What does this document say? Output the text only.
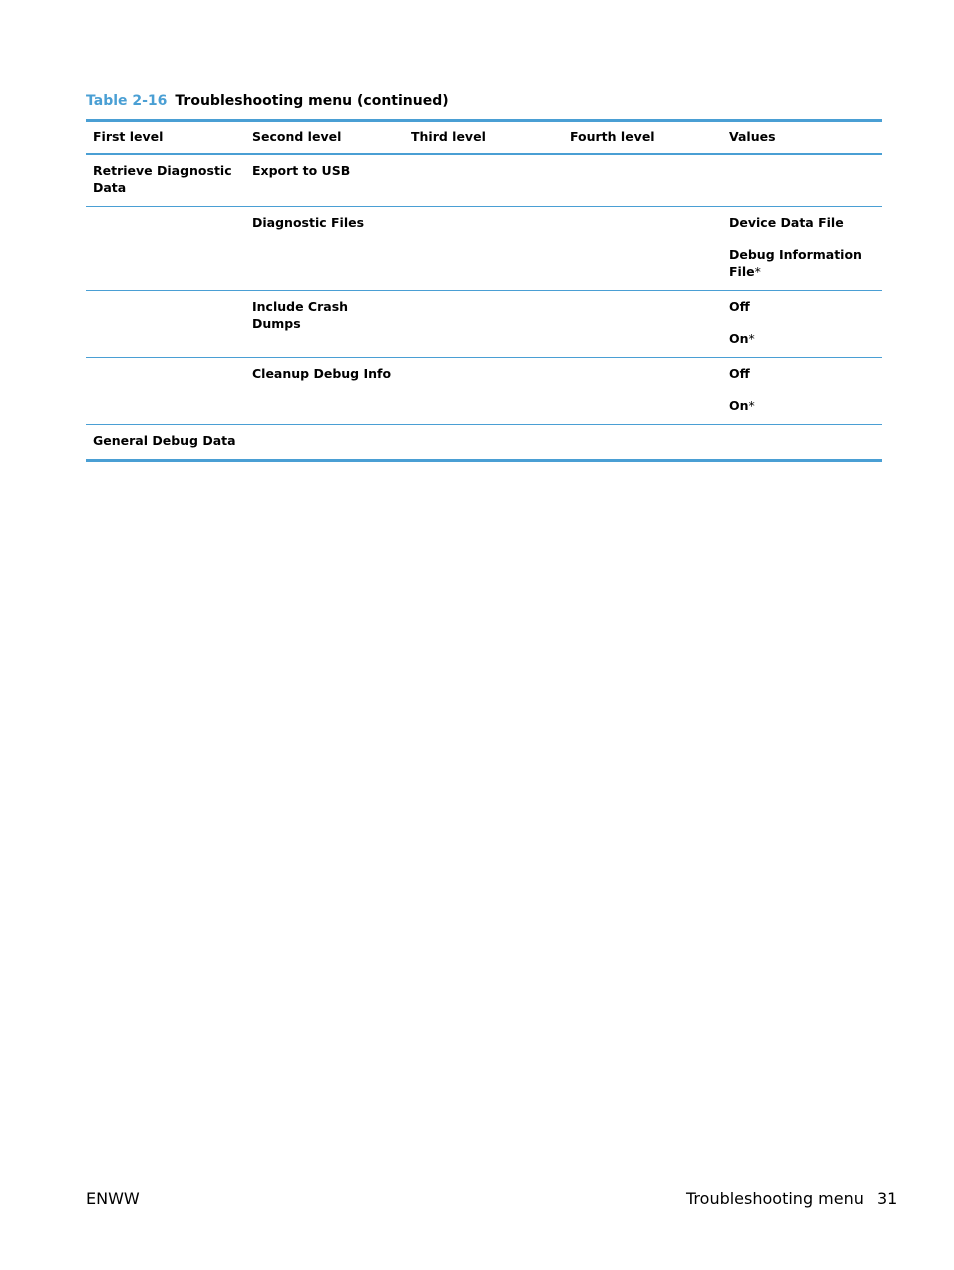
Table 2-16 Troubleshooting menu (continued)
First level	Second level	Third level	Fourth level	Values
Retrieve Diagnostic Data	Export to USB			
	Diagnostic Files			Device Data File
Debug Information File*

	Include Crash Dumps			Off
On*

	Cleanup Debug Info			Off
On*

General Debug Data				
ENWW	Troubleshooting menu 31
